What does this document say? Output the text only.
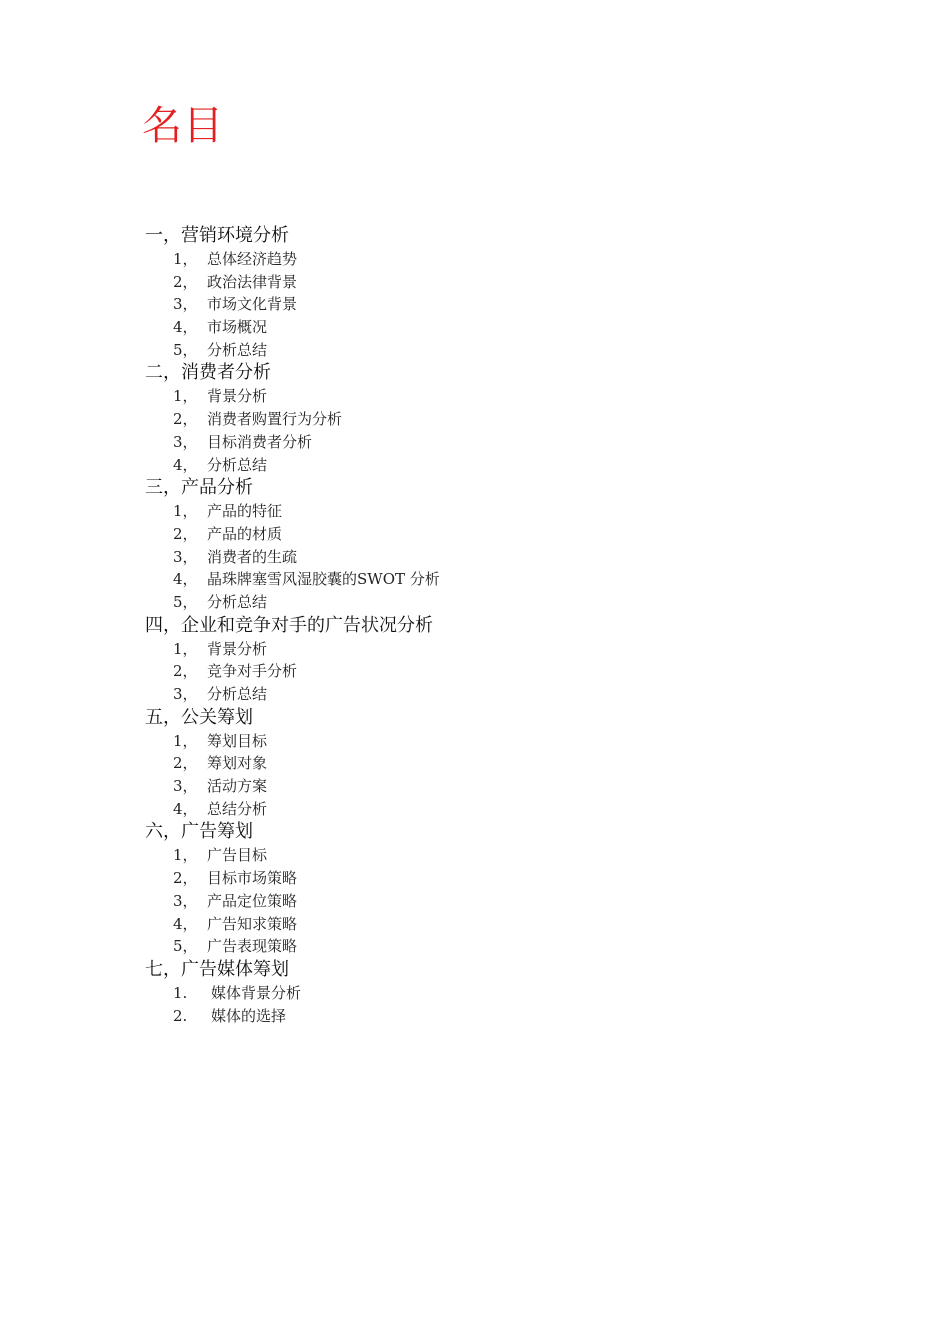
名目
一，营销环境分析
1， 总体经济趋势
2， 政治法律背景
3， 市场文化背景
4， 市场概况
5， 分析总结
二，消费者分析
1， 背景分析
2， 消费者购置行为分析
3， 目标消费者分析
4， 分析总结
三，产品分析
1， 产品的特征
2， 产品的材质
3， 消费者的生疏
4， 晶珠牌塞雪风湿胶囊的SWOT 分析
5， 分析总结
四，企业和竞争对手的广告状况分析
1， 背景分析
2， 竞争对手分析
3， 分析总结
五，公关筹划
1， 筹划目标
2， 筹划对象
3， 活动方案
4， 总结分析
六，广告筹划
1， 广告目标
2， 目标市场策略
3， 产品定位策略
4， 广告知求策略
5， 广告表现策略
七，广告媒体筹划
1.	媒体背景分析
2.	媒体的选择
